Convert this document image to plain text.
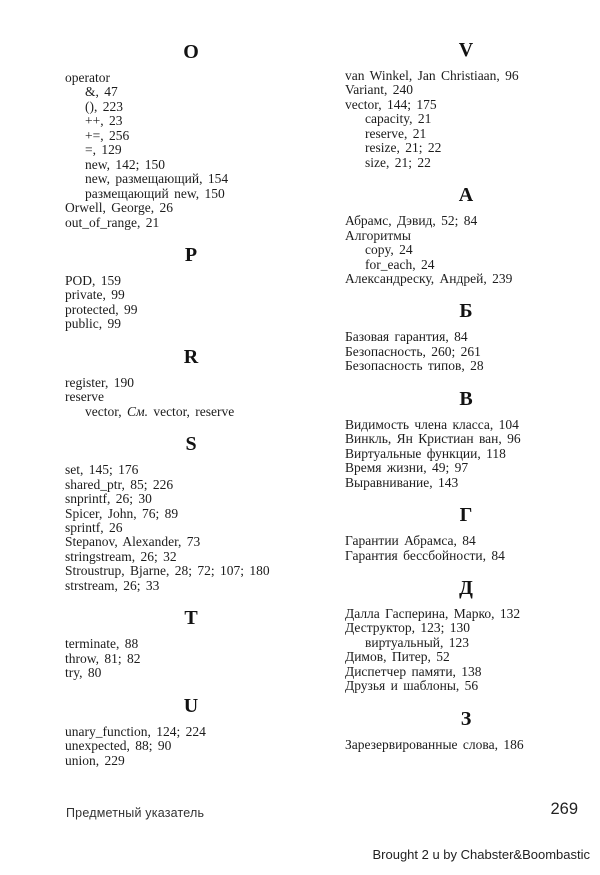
O
operator
&, 47
(), 223
++, 23
+=, 256
=, 129
new, 142; 150
new, размещающий, 154
размещающий new, 150
Orwell, George, 26
out_of_range, 21
P
POD, 159
private, 99
protected, 99
public, 99
R
register, 190
reserve
vector, См. vector, reserve
S
set, 145; 176
shared_ptr, 85; 226
snprintf, 26; 30
Spicer, John, 76; 89
sprintf, 26
Stepanov, Alexander, 73
stringstream, 26; 32
Stroustrup, Bjarne, 28; 72; 107; 180
strstream, 26; 33
T
terminate, 88
throw, 81; 82
try, 80
U
unary_function, 124; 224
unexpected, 88; 90
union, 229
V
van Winkel, Jan Christiaan, 96
Variant, 240
vector, 144; 175
capacity, 21
reserve, 21
resize, 21; 22
size, 21; 22
А
Абрамс, Дэвид, 52; 84
Алгоритмы
copy, 24
for_each, 24
Александреску, Андрей, 239
Б
Базовая гарантия, 84
Безопасность, 260; 261
Безопасность типов, 28
В
Видимость члена класса, 104
Винкль, Ян Кристиан ван, 96
Виртуальные функции, 118
Время жизни, 49; 97
Выравнивание, 143
Г
Гарантии Абрамса, 84
Гарантия бессбойности, 84
Д
Далла Гасперина, Марко, 132
Деструктор, 123; 130
виртуальный, 123
Димов, Питер, 52
Диспетчер памяти, 138
Друзья и шаблоны, 56
З
Зарезервированные слова, 186
Предметный указатель	269
Brought 2 u by Chabster&Boombastic
